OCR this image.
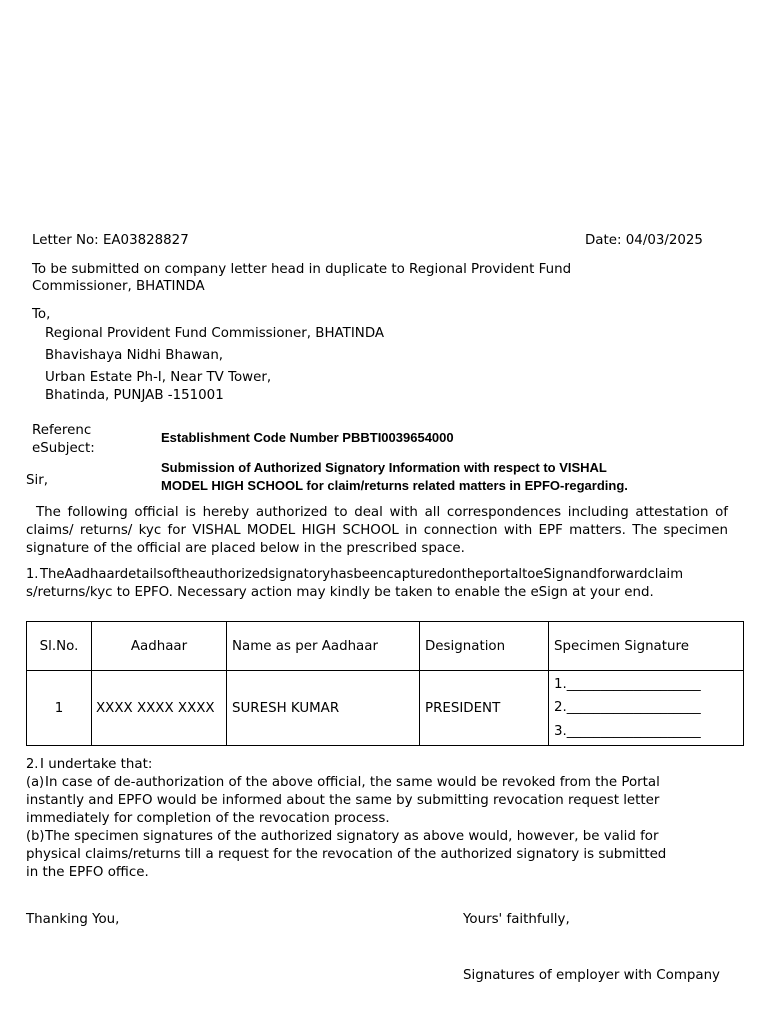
Letter No: EA03828827	Date: 04/03/2025
To be submitted on company letter head in duplicate to Regional Provident Fund
Commissioner, BHATINDA
To,
Regional Provident Fund Commissioner, BHATINDA
Bhavishaya Nidhi Bhawan,
Urban Estate Ph-I, Near TV Tower,
Bhatinda, PUNJAB -151001
Referenc
eSubject:
Establishment Code Number PBBTI0039654000
Submission of Authorized Signatory Information with respect to VISHAL
MODEL HIGH SCHOOL for claim/returns related matters in EPFO-regarding.
Sir,
The following official is hereby authorized to deal with all correspondences including attestation of claims/ returns/ kyc for VISHAL MODEL HIGH SCHOOL in connection with EPF matters. The specimen signature of the official are placed below in the prescribed space.
1. TheAadhaardetailsoftheauthorizedsignatoryhasbeencapturedontheportaltoeSignandforwardclaim
s/returns/kyc to EPFO. Necessary action may kindly be taken to enable the eSign at your end.
Sl.No.	Aadhaar	Name as per Aadhaar	Designation	Specimen Signature
1	XXXX XXXX XXXX	SURESH KUMAR	PRESIDENT	1.____________________
2.____________________
3.____________________
2. I undertake that:
(a) In case of de-authorization of the above official, the same would be revoked from the Portal
instantly and EPFO would be informed about the same by submitting revocation request letter
immediately for completion of the revocation process.
(b) The specimen signatures of the authorized signatory as above would, however, be valid for
physical claims/returns till a request for the revocation of the authorized signatory is submitted
in the EPFO office.
Thanking You,	Yours' faithfully,
Signatures of employer with Company
